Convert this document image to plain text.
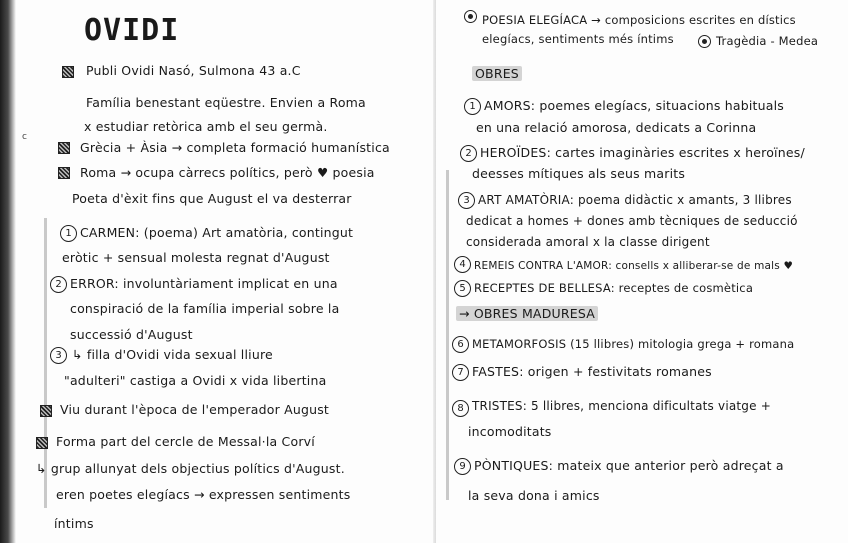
OVIDI
Publi Ovidi Nasó, Sulmona 43 a.C
Família benestant eqüestre. Envien a Roma
x estudiar retòrica amb el seu germà.
c
Grècia + Àsia → completa formació humanística
Roma → ocupa càrrecs polítics, però ♥ poesia
Poeta d'èxit fins que August el va desterrar
1 CARMEN: (poema) Art amatòria, contingut
eròtic + sensual molesta regnat d'August
2 ERROR: involuntàriament implicat en una
conspiració de la família imperial sobre la
successió d'August
3 ↳ filla d'Ovidi vida sexual lliure
"adulteri" castiga a Ovidi x vida libertina
Viu durant l'època de l'emperador August
Forma part del cercle de Messal·la Corví
↳ grup allunyat dels objectius polítics d'August.
eren poetes elegíacs → expressen sentiments
íntims
POESIA ELEGÍACA → composicions escrites en dístics
elegíacs, sentiments més íntims	Tragèdia - Medea
OBRES
1 AMORS: poemes elegíacs, situacions habituals
en una relació amorosa, dedicats a Corinna
2 HEROÏDES: cartes imaginàries escrites x heroïnes/
deesses mítiques als seus marits
3 ART AMATÒRIA: poema didàctic x amants, 3 llibres
dedicat a homes + dones amb tècniques de seducció
considerada amoral x la classe dirigent
4 REMEIS CONTRA L'AMOR: consells x alliberar-se de mals ♥
5 RECEPTES DE BELLESA: receptes de cosmètica
→ OBRES MADURESA
6 METAMORFOSIS (15 llibres) mitologia grega + romana
7 FASTES: origen + festivitats romanes
8 TRISTES: 5 llibres, menciona dificultats viatge +
incomoditats
9 PÒNTIQUES: mateix que anterior però adreçat a
la seva dona i amics
